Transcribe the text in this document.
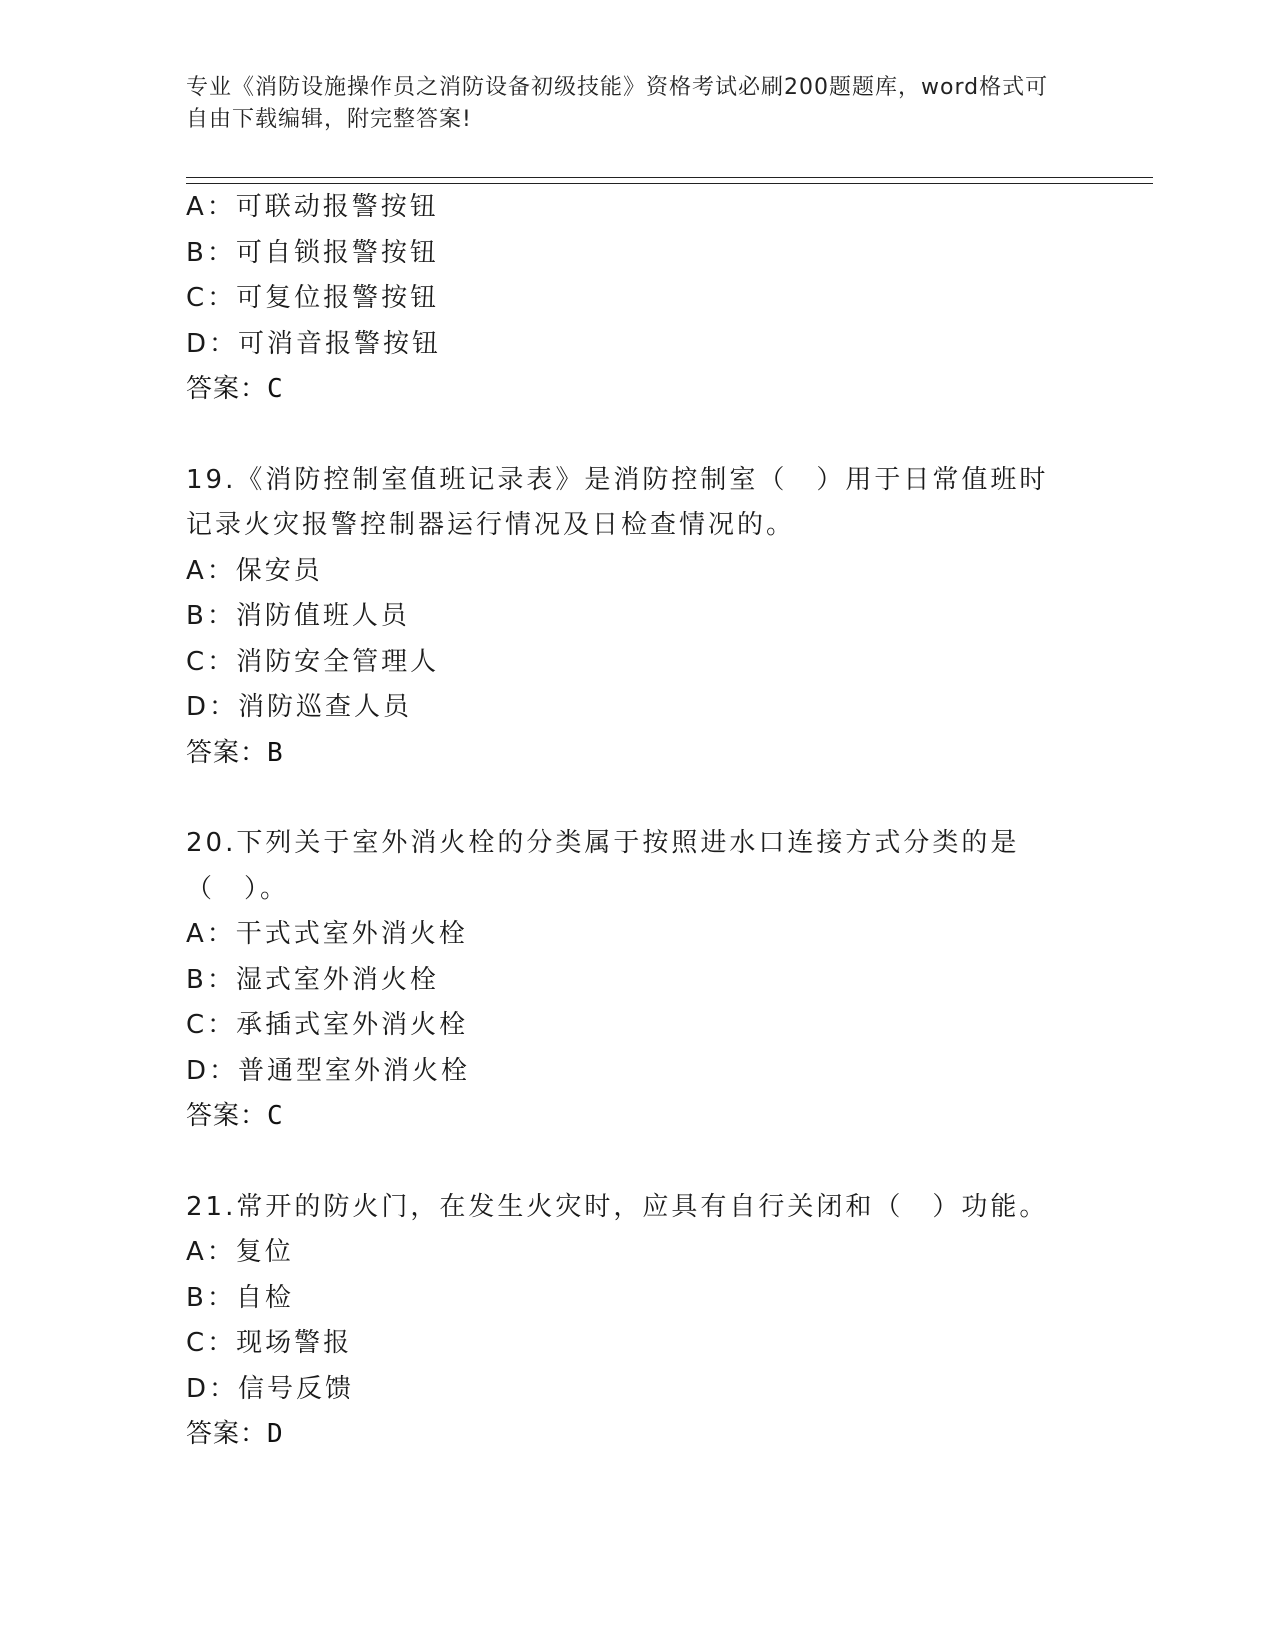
专业《消防设施操作员之消防设备初级技能》资格考试必刷200题题库，word格式可自由下载编辑，附完整答案!
A：可联动报警按钮
B：可自锁报警按钮
C：可复位报警按钮
D：可消音报警按钮
答案：C
19.《消防控制室值班记录表》是消防控制室（　）用于日常值班时记录火灾报警控制器运行情况及日检查情况的。
A：保安员
B：消防值班人员
C：消防安全管理人
D：消防巡查人员
答案：B
20.下列关于室外消火栓的分类属于按照进水口连接方式分类的是（　）。
A：干式式室外消火栓
B：湿式室外消火栓
C：承插式室外消火栓
D：普通型室外消火栓
答案：C
21.常开的防火门，在发生火灾时，应具有自行关闭和（　）功能。
A：复位
B：自检
C：现场警报
D：信号反馈
答案：D
